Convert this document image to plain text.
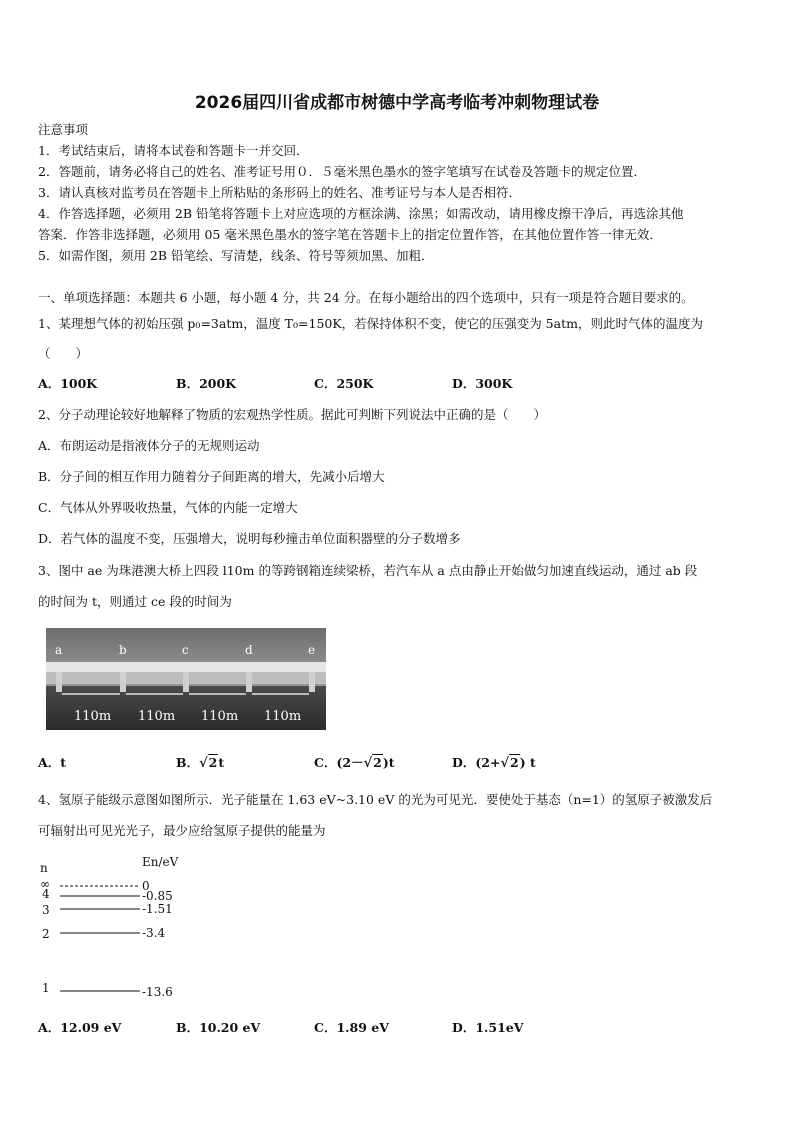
2026届四川省成都市树德中学高考临考冲刺物理试卷
注意事项
1．考试结束后，请将本试卷和答题卡一并交回．
2．答题前，请务必将自己的姓名、准考证号用０．５毫米黑色墨水的签字笔填写在试卷及答题卡的规定位置．
3．请认真核对监考员在答题卡上所粘贴的条形码上的姓名、准考证号与本人是否相符．
4．作答选择题，必须用 2B 铅笔将答题卡上对应选项的方框涂满、涂黑；如需改动，请用橡皮擦干净后，再选涂其他
答案．作答非选择题，必须用 05 毫米黑色墨水的签字笔在答题卡上的指定位置作答，在其他位置作答一律无效．
5．如需作图，须用 2B 铅笔绘、写清楚，线条、符号等须加黑、加粗．
一、单项选择题：本题共 6 小题，每小题 4 分，共 24 分。在每小题给出的四个选项中，只有一项是符合题目要求的。
1、某理想气体的初始压强 p₀=3atm，温度 T₀=150K，若保持体积不变，使它的压强变为 5atm，则此时气体的温度为
（　　）
A．100K	B．200K	C．250K	D．300K
2、分子动理论较好地解释了物质的宏观热学性质。据此可判断下列说法中正确的是（　　）
A．布朗运动是指液体分子的无规则运动
B．分子间的相互作用力随着分子间距离的增大，先减小后增大
C．气体从外界吸收热量，气体的内能一定增大
D．若气体的温度不变，压强增大，说明每秒撞击单位面积器壁的分子数增多
3、图中 ae 为珠港澳大桥上四段 l10m 的等跨钢箱连续梁桥，若汽车从 a 点由静止开始做匀加速直线运动，通过 ab 段
的时间为 t，则通过 ce 段的时间为
a	b	c	d	e
110m 110m 110m 110m
A．t	B．√2t	C．(2－√2)t	D．(2+√2) t
4、氢原子能级示意图如图所示．光子能量在 1.63 eV~3.10 eV 的光为可见光．要使处于基态（n=1）的氢原子被激发后
可辐射出可见光光子，最少应给氢原子提供的能量为
n	En/eV
∞
4
3
2
1
0
-0.85
-1.51
-3.4
-13.6
A．12.09 eV	B．10.20 eV	C．1.89 eV	D．1.51eV
